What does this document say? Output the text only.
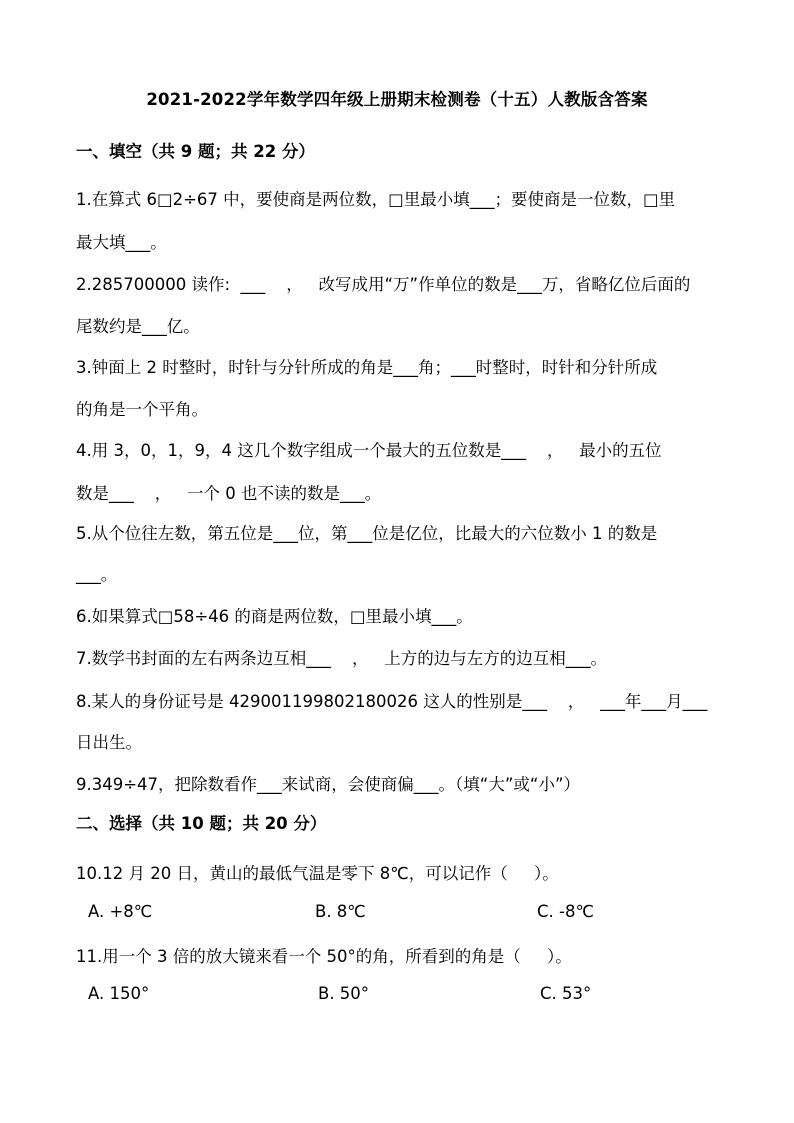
2021-2022学年数学四年级上册期末检测卷（十五）人教版含答案
一、填空（共 9 题；共 22 分）
1.在算式 6□2÷67 中，要使商是两位数，□里最小填___；要使商是一位数，□里
最大填___。
2.285700000 读作:  ___    ，   改写成用“万”作单位的数是___万，省略亿位后面的
尾数约是___亿。
3.钟面上 2 时整时，时针与分针所成的角是___角；___时整时，时针和分针所成
的角是一个平角。
4.用 3，0，1，9，4 这几个数字组成一个最大的五位数是___    ，   最小的五位
数是___    ，   一个 0 也不读的数是___。
5.从个位往左数，第五位是___位，第___位是亿位，比最大的六位数小 1 的数是
___。
6.如果算式□58÷46 的商是两位数，□里最小填___。
7.数学书封面的左右两条边互相___    ，   上方的边与左方的边互相___。
8.某人的身份证号是 429001199802180026 这人的性别是___    ，   ___年___月___
日出生。
9.349÷47，把除数看作___来试商，会使商偏___。（填“大”或“小”）
二、选择（共 10 题；共 20 分）
10.12 月 20 日，黄山的最低气温是零下 8℃，可以记作（     ）。
A. +8℃	B. 8℃	C. -8℃
11.用一个 3 倍的放大镜来看一个 50°的角，所看到的角是（     ）。
A. 150°	B. 50°	C. 53°
